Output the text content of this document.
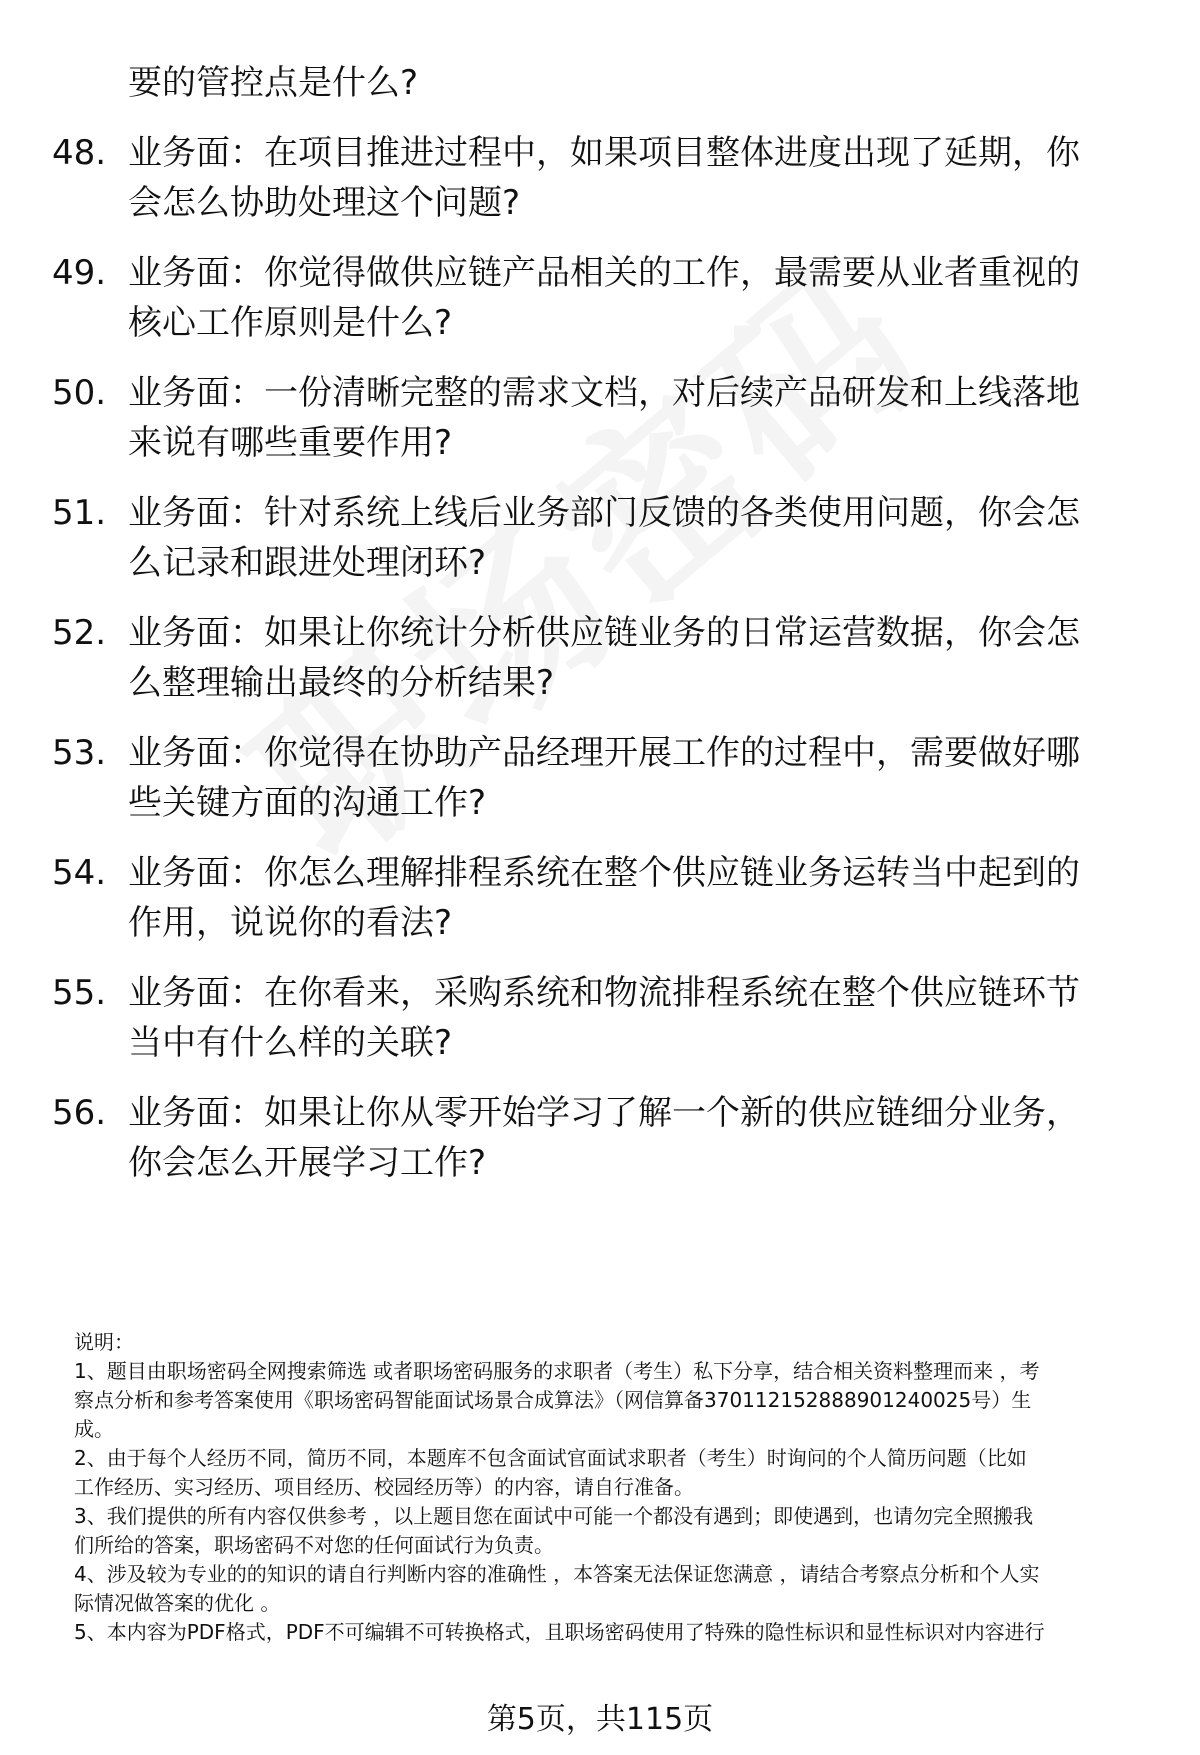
要的管控点是什么?
48. 业务面：在项目推进过程中，如果项目整体进度出现了延期，你
会怎么协助处理这个问题?
49. 业务面：你觉得做供应链产品相关的工作，最需要从业者重视的
核心工作原则是什么?
50. 业务面：一份清晰完整的需求文档，对后续产品研发和上线落地
来说有哪些重要作用?
51. 业务面：针对系统上线后业务部门反馈的各类使用问题，你会怎
么记录和跟进处理闭环?
52. 业务面：如果让你统计分析供应链业务的日常运营数据，你会怎
么整理输出最终的分析结果?
53. 业务面：你觉得在协助产品经理开展工作的过程中，需要做好哪
些关键方面的沟通工作?
54. 业务面：你怎么理解排程系统在整个供应链业务运转当中起到的
作用，说说你的看法?
55. 业务面：在你看来，采购系统和物流排程系统在整个供应链环节
当中有什么样的关联?
56. 业务面：如果让你从零开始学习了解一个新的供应链细分业务，
你会怎么开展学习工作?

说明：

1、题目由职场密码全网搜索筛选 或者职场密码服务的求职者（考生）私下分享，结合相关资料整理而来 ，考

察点分析和参考答案使用《职场密码智能面试场景合成算法》（网信算备370112152888901240025号）生

成。

2、由于每个人经历不同，简历不同，本题库不包含面试官面试求职者（考生）时询问的个人简历问题（比如

工作经历、实习经历、项目经历、校园经历等）的内容，请自行准备。

3、我们提供的所有内容仅供参考 ，以上题目您在面试中可能一个都没有遇到；即使遇到，也请勿完全照搬我

们所给的答案，职场密码不对您的任何面试行为负责。

4、涉及较为专业的的知识的请自行判断内容的准确性 ，本答案无法保证您满意 ，请结合考察点分析和个人实

际情况做答案的优化 。

5、本内容为PDF格式，PDF不可编辑不可转换格式，且职场密码使用了特殊的隐性标识和显性标识对内容进行

第5页，共115页
